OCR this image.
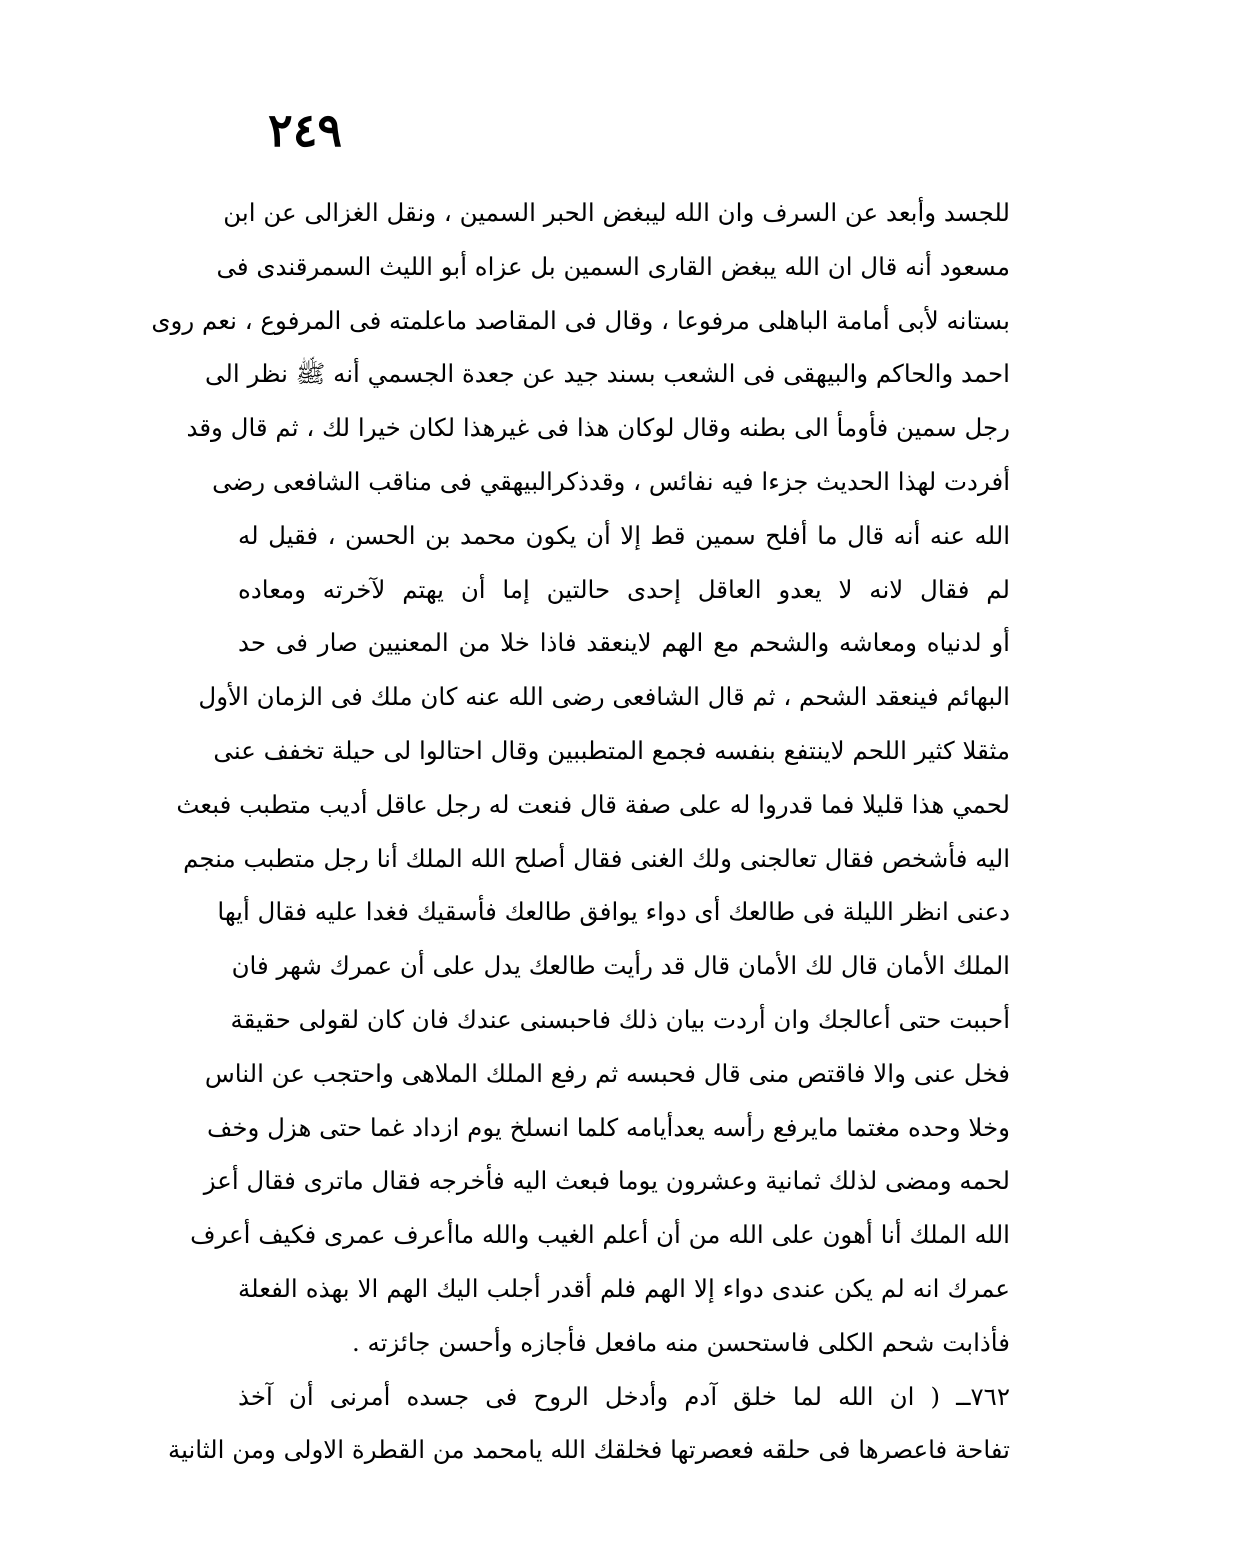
٢٤٩
للجسد وأبعد عن السرف وان الله ليبغض الحبر السمين ، ونقل الغزالى عن ابن
مسعود أنه قال ان الله يبغض القارى السمين بل عزاه أبو الليث السمرقندى فى
بستانه لأبى أمامة الباهلى مرفوعا ، وقال فى المقاصد ماعلمته فى المرفوع ، نعم روى
احمد والحاكم والبيهقى فى الشعب بسند جيد عن جعدة الجسمي أنه ﷺ نظر الى
رجل سمين فأومأ الى بطنه وقال لوكان هذا فى غيرهذا لكان خيرا لك ، ثم قال وقد
أفردت لهذا الحديث جزءا فيه نفائس ، وقدذكرالبيهقي فى مناقب الشافعى رضى
الله عنه أنه قال ما أفلح سمين قط إلا أن يكون محمد بن الحسن ، فقيل له
لم فقال لانه لا يعدو العاقل إحدى حالتين إما أن يهتم لآخرته ومعاده
أو لدنياه ومعاشه والشحم مع الهم لاينعقد فاذا خلا من المعنيين صار فى حد
البهائم فينعقد الشحم ، ثم قال الشافعى رضى الله عنه كان ملك فى الزمان الأول
مثقلا كثير اللحم لاينتفع بنفسه فجمع المتطببين وقال احتالوا لى حيلة تخفف عنى
لحمي هذا قليلا فما قدروا له على صفة قال فنعت له رجل عاقل أديب متطبب فبعث
اليه فأشخص فقال تعالجنى ولك الغنى فقال أصلح الله الملك أنا رجل متطبب منجم
دعنى انظر الليلة فى طالعك أى دواء يوافق طالعك فأسقيك فغدا عليه فقال أيها
الملك الأمان قال لك الأمان قال قد رأيت طالعك يدل على أن عمرك شهر فان
أحببت حتى أعالجك وان أردت بيان ذلك فاحبسنى عندك فان كان لقولى حقيقة
فخل عنى والا فاقتص منى قال فحبسه ثم رفع الملك الملاهى واحتجب عن الناس
وخلا وحده مغتما مايرفع رأسه يعدأيامه كلما انسلخ يوم ازداد غما حتى هزل وخف
لحمه ومضى لذلك ثمانية وعشرون يوما فبعث اليه فأخرجه فقال ماترى فقال أعز
الله الملك أنا أهون على الله من أن أعلم الغيب والله ماأعرف عمرى فكيف أعرف
عمرك انه لم يكن عندى دواء إلا الهم فلم أقدر أجلب اليك الهم الا بهذه الفعلة
فأذابت شحم الكلى فاستحسن منه مافعل فأجازه وأحسن جائزته .
٧٦٢ــ ( ان الله لما خلق آدم وأدخل الروح فى جسده أمرنى أن آخذ
تفاحة فاعصرها فى حلقه فعصرتها فخلقك الله يامحمد من القطرة الاولى ومن الثانية
